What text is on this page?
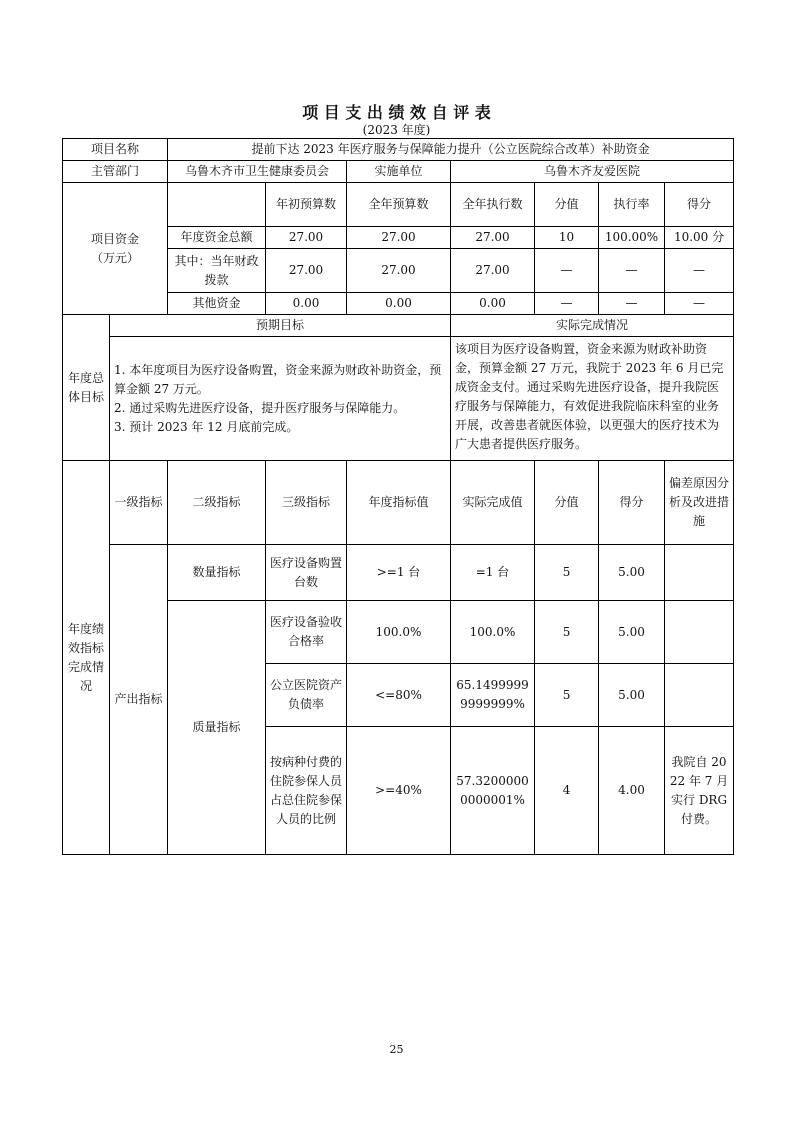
项 目 支 出 绩 效 自 评 表
(2023 年度)
项目名称		提前下达 2023 年医疗服务与保障能力提升（公立医院综合改革）补助资金						
主管部门		乌鲁木齐市卫生健康委员会		实施单位	乌鲁木齐友爱医院			
项目资金
（万元）			年初预算数	全年预算数	全年执行数	分值	执行率	得分
		年度资金总额	27.00	27.00	27.00	10	100.00%	10.00 分
		其中：当年财政拨款	27.00	27.00	27.00	—	—	—
		其他资金	0.00	0.00	0.00	—	—	—
年度总体目标	预期目标				实际完成情况			
	1. 本年度项目为医疗设备购置，资金来源为财政补助资金，预算金额 27 万元。
2. 通过采购先进医疗设备，提升医疗服务与保障能力。
3. 预计 2023 年 12 月底前完成。				该项目为医疗设备购置，资金来源为财政补助资金，预算金额 27 万元，我院于 2023 年 6 月已完成资金支付。通过采购先进医疗设备，提升我院医疗服务与保障能力，有效促进我院临床科室的业务开展，改善患者就医体验，以更强大的医疗技术为广大患者提供医疗服务。			
年度绩效指标完成情况	一级指标	二级指标	三级指标	年度指标值	实际完成值	分值	得分	偏差原因分析及改进措施
	产出指标	数量指标	医疗设备购置台数	>=1 台	=1 台	5	5.00	
		质量指标	医疗设备验收合格率	100.0%	100.0%	5	5.00	
			公立医院资产负债率	<=80%	65.14999999999999%	5	5.00	
			按病种付费的住院参保人员占总住院参保人员的比例	>=40%	57.32000000000001%	4	4.00	我院自 2022 年 7 月实行 DRG 付费。
25
